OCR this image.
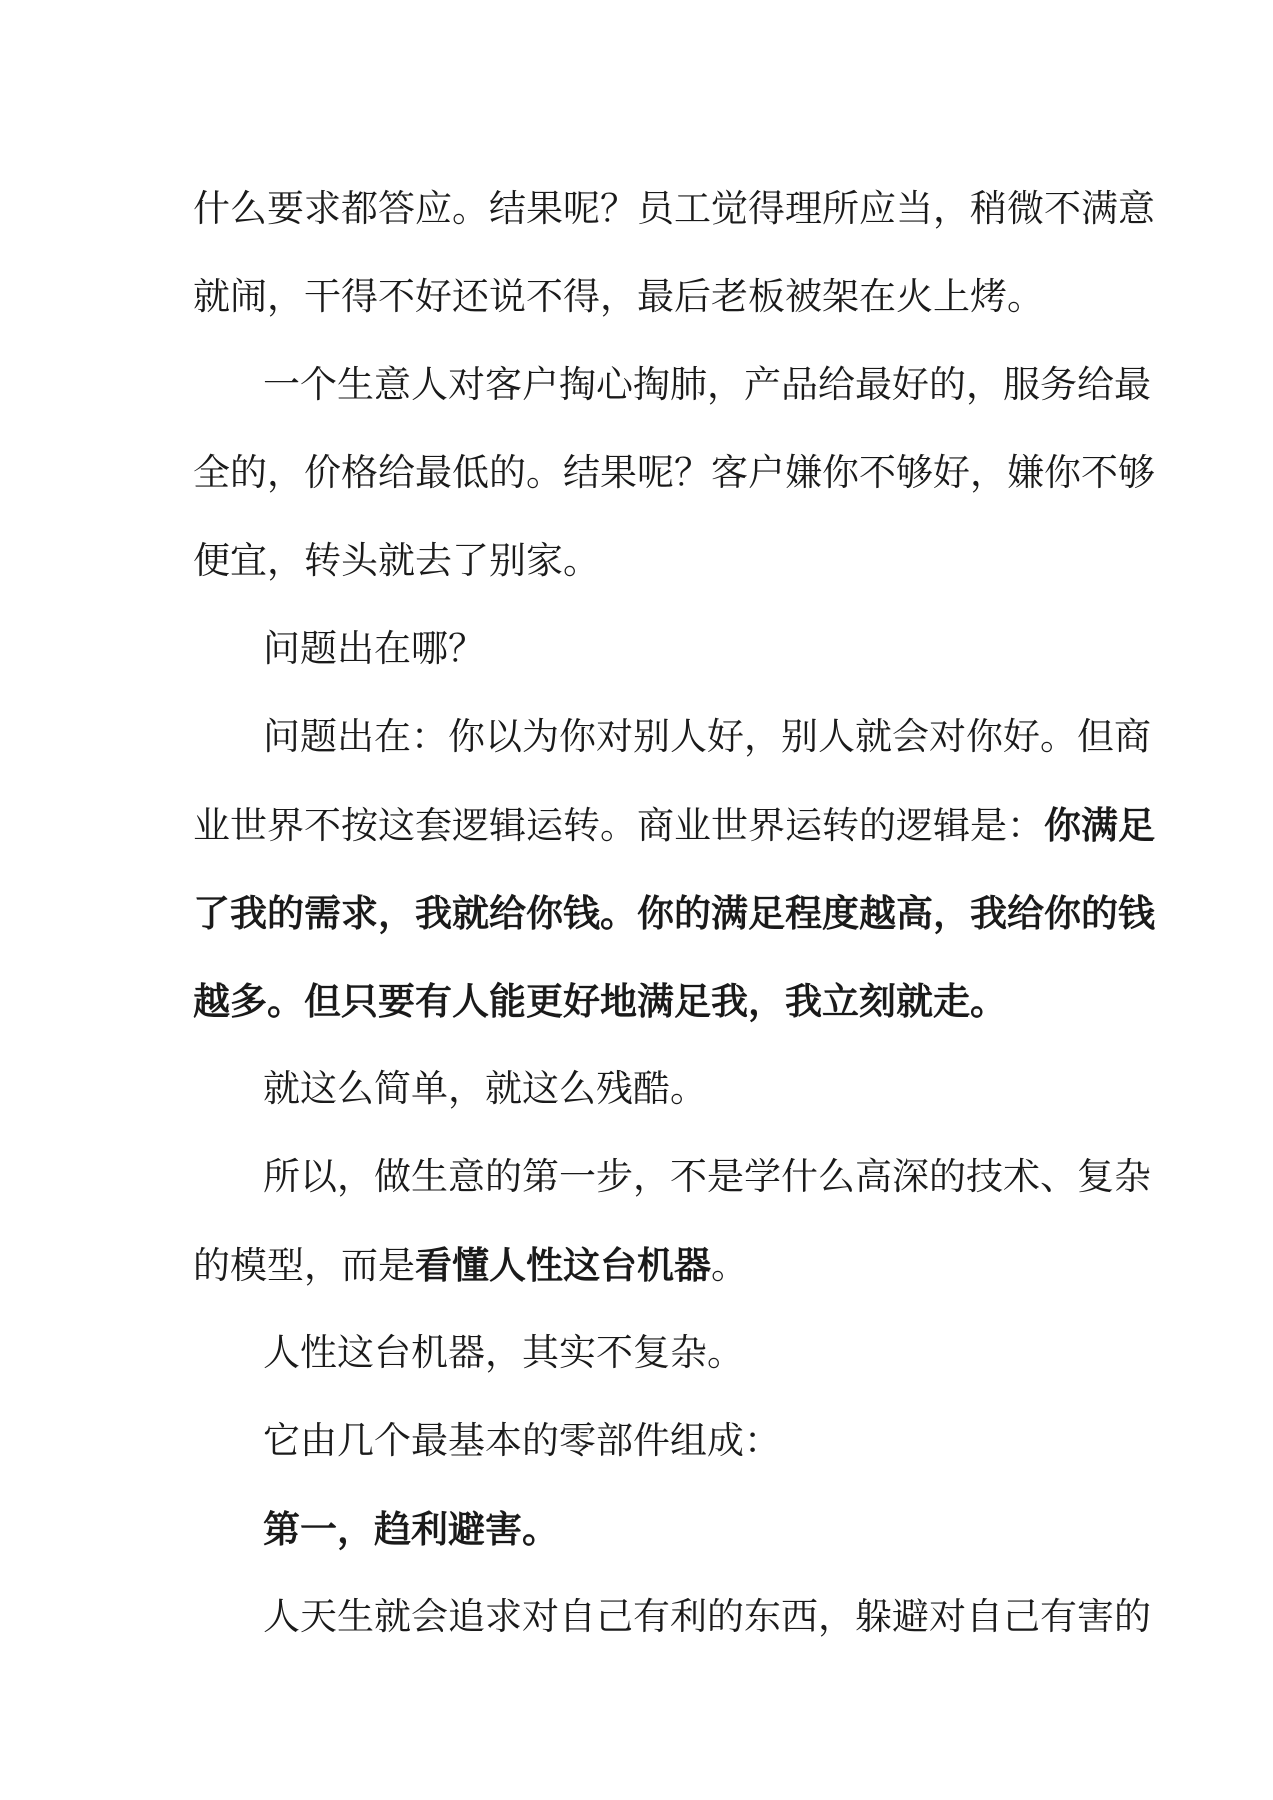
什么要求都答应。结果呢？员工觉得理所应当，稍微不满意
就闹，干得不好还说不得，最后老板被架在火上烤。
一个生意人对客户掏心掏肺，产品给最好的，服务给最
全的，价格给最低的。结果呢？客户嫌你不够好，嫌你不够
便宜，转头就去了别家。
问题出在哪？
问题出在：你以为你对别人好，别人就会对你好。但商
业世界不按这套逻辑运转。商业世界运转的逻辑是：你满足
了我的需求，我就给你钱。你的满足程度越高，我给你的钱
越多。但只要有人能更好地满足我，我立刻就走。
就这么简单，就这么残酷。
所以，做生意的第一步，不是学什么高深的技术、复杂
的模型，而是看懂人性这台机器。
人性这台机器，其实不复杂。
它由几个最基本的零部件组成：
第一，趋利避害。
人天生就会追求对自己有利的东西，躲避对自己有害的
